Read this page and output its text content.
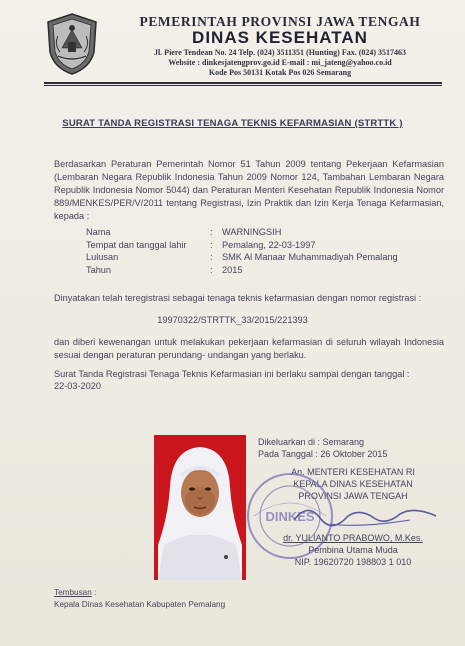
PEMERINTAH PROVINSI JAWA TENGAH
DINAS KESEHATAN
Jl. Piere Tendean No. 24 Telp. (024) 3511351 (Hunting) Fax. (024) 3517463
Website : dinkesjatengprov.go.id E-mail : mi_jateng@yahoo.co.id
Kode Pos 50131 Kotak Pos 026 Semarang
SURAT TANDA REGISTRASI TENAGA TEKNIS KEFARMASIAN (STRTTK )
Berdasarkan Peraturan Pemerintah Nomor 51 Tahun 2009 tentang Pekerjaan Kefarmasian (Lembaran Negara Republik Indonesia Tahun 2009 Nomor 124, Tambahan Lembaran Negara Republik Indonesia Nomor 5044) dan Peraturan Menteri Kesehatan Republik Indonesia Nomor 889/MENKES/PER/V/2011 tentang Registrasi, Izin Praktik dan Izin Kerja Tenaga Kefarmasian, kepada :
Nama	:	WARNINGSIH
Tempat dan tanggal lahir	:	Pemalang, 22-03-1997
Lulusan	:	SMK Al Manaar Muhammadiyah Pemalang
Tahun	:	2015
Dinyatakan telah teregistrasi sebagai tenaga teknis kefarmasian dengan nomor registrasi :
19970322/STRTTK_33/2015/221393
dan diberi kewenangan untuk melakukan pekerjaan kefarmasian di seluruh wilayah Indonesia sesuai dengan peraturan perundang- undangan yang berlaku.
Surat Tanda Registrasi Tenaga Teknis Kefarmasian ini berlaku sampai dengan tanggal :
22-03-2020
Dikeluarkan di : Semarang
Pada Tanggal : 26 Oktober 2015
An. MENTERI KESEHATAN RI
KEPALA DINAS KESEHATAN
PROVINSI JAWA TENGAH
DINKES
dr. YULIANTO PRABOWO, M.Kes.
Pembina Utama Muda
NIP. 19620720 198803 1 010
Tembusan :
Kepala Dinas Kesehatan Kabupaten Pemalang
